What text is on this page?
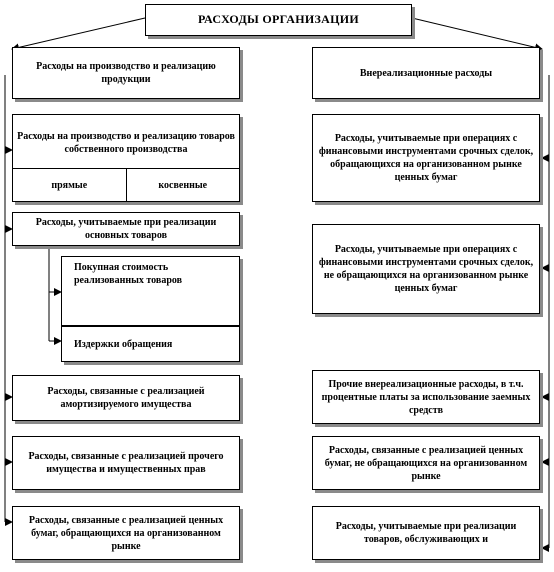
РАСХОДЫ ОРГАНИЗАЦИИ
Расходы на производство и реализацию продукции
Внереализационные расходы
Расходы на производство и реализацию товаров собственного производства
прямые	косвенные
Расходы, учитываемые при реализации основных товаров
Покупная стоимость реализованных товаров
Издержки обращения
Расходы, связанные с реализацией амортизируемого имущества
Расходы, связанные с реализацией прочего имущества и имущественных прав
Расходы, связанные с реализацией ценных бумаг, обращающихся на организованном рынке
Расходы, учитываемые при операциях с финансовыми инструментами срочных сделок, обращающихся на организованном рынке ценных бумаг
Расходы, учитываемые при операциях с финансовыми инструментами срочных сделок, не обращающихся на организованном рынке ценных бумаг
Прочие внереализационные расходы, в т.ч. процентные платы за использование заемных средств
Расходы, связанные с реализацией ценных бумаг, не обращающихся на организованном рынке
Расходы, учитываемые при реализации товаров, обслуживающих и
